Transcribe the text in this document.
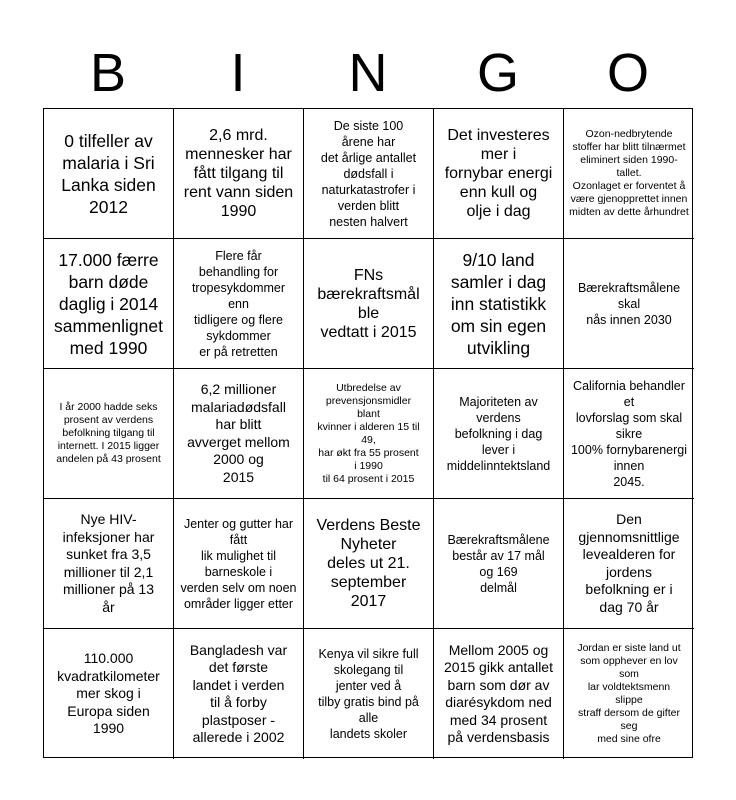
B	I	N	G	O
0 tilfeller av
malaria i Sri
Lanka siden
2012
2,6 mrd.
mennesker har
fått tilgang til
rent vann siden
1990
De siste 100
årene har
det årlige antallet
dødsfall i
naturkatastrofer i
verden blitt
nesten halvert
Det investeres
mer i
fornybar energi
enn kull og
olje i dag
Ozon-nedbrytende
stoffer har blitt tilnærmet
eliminert siden 1990-
tallet.
Ozonlaget er forventet å
være gjenopprettet innen
midten av dette århundret
17.000 færre
barn døde
daglig i 2014
sammenlignet
med 1990
Flere får
behandling for
tropesykdommer
enn
tidligere og flere
sykdommer
er på retretten
FNs
bærekraftsmål
ble
vedtatt i 2015
9/10 land
samler i dag
inn statistikk
om sin egen
utvikling
Bærekraftsmålene
skal
nås innen 2030
I år 2000 hadde seks
prosent av verdens
befolkning tilgang til
internett. I 2015 ligger
andelen på 43 prosent
6,2 millioner
malariadødsfall
har blitt
avverget mellom
2000 og
2015
Utbredelse av
prevensjonsmidler
blant
kvinner i alderen 15 til
49,
har økt fra 55 prosent
i 1990
til 64 prosent i 2015
Majoriteten av
verdens
befolkning i dag
lever i
middelinntektsland
California behandler
et
lovforslag som skal
sikre
100% fornybarenergi
innen
2045.
Nye HIV-
infeksjoner har
sunket fra 3,5
millioner til 2,1
millioner på 13
år
Jenter og gutter har
fått
lik mulighet til
barneskole i
verden selv om noen
områder ligger etter
Verdens Beste
Nyheter
deles ut 21.
september
2017
Bærekraftsmålene
består av 17 mål
og 169
delmål
Den
gjennomsnittlige
levealderen for
jordens
befolkning er i
dag 70 år
110.000
kvadratkilometer
mer skog i
Europa siden
1990
Bangladesh var
det første
landet i verden
til å forby
plastposer -
allerede i 2002
Kenya vil sikre full
skolegang til
jenter ved å
tilby gratis bind på
alle
landets skoler
Mellom 2005 og
2015 gikk antallet
barn som dør av
diarésykdom ned
med 34 prosent
på verdensbasis
Jordan er siste land ut
som opphever en lov
som
lar voldtektsmenn
slippe
straff dersom de gifter
seg
med sine ofre
